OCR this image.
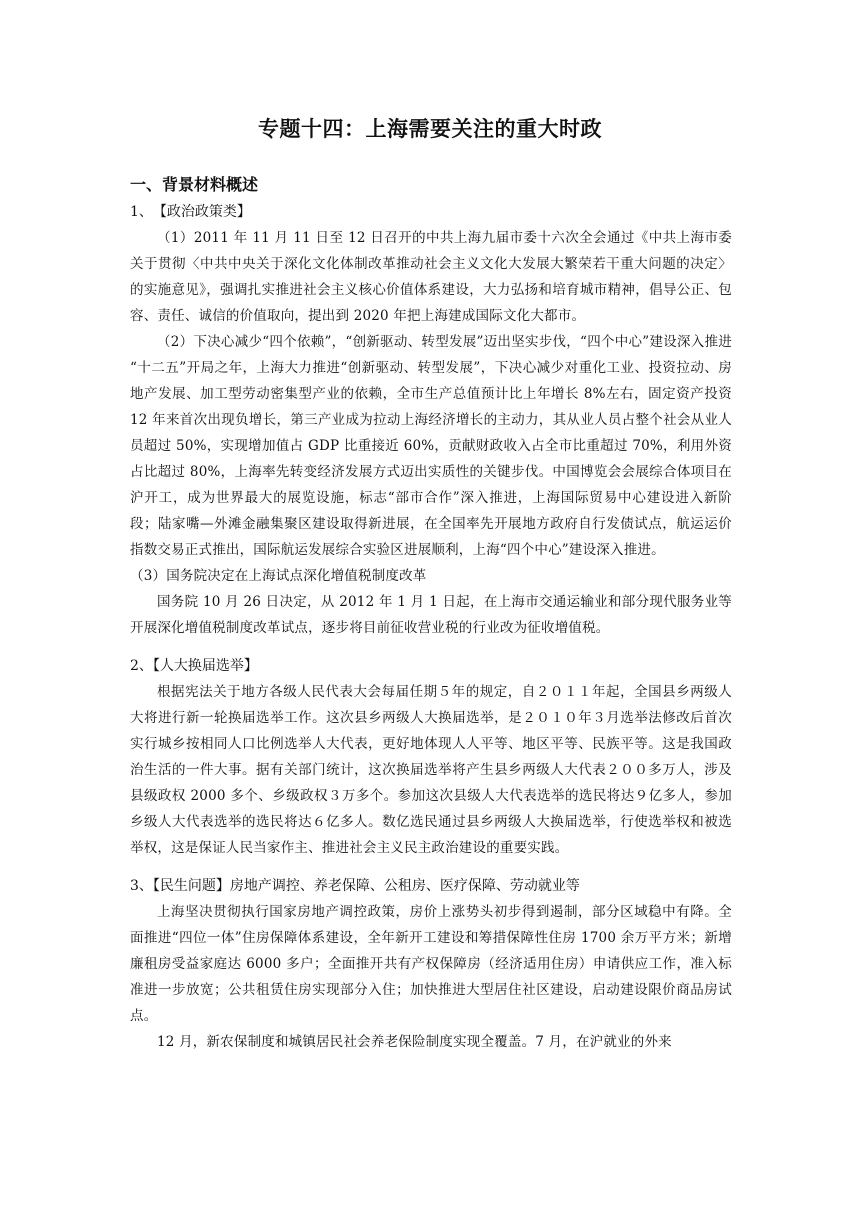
专题十四：上海需要关注的重大时政
一、背景材料概述
1、　【政治政策类】

（1）2011 年 11 月 11 日至 12 日召开的中共上海九届市委十六次全会通过《中共上海市委关于贯彻〈中共中央关于深化文化体制改革推动社会主义文化大发展大繁荣若干重大问题的决定〉的实施意见》，强调扎实推进社会主义核心价值体系建设，大力弘扬和培育城市精神，倡导公正、包容、责任、诚信的价值取向，提出到 2020 年把上海建成国际文化大都市。

（2）下决心减少“四个依赖”，“创新驱动、转型发展”迈出坚实步伐，“四个中心”建设深入推进 “十二五”开局之年，上海大力推进“创新驱动、转型发展”，下决心减少对重化工业、投资拉动、房地产发展、加工型劳动密集型产业的依赖，全市生产总值预计比上年增长 8%左右，固定资产投资 12 年来首次出现负增长，第三产业成为拉动上海经济增长的主动力，其从业人员占整个社会从业人员超过 50%，实现增加值占 GDP 比重接近 60%，贡献财政收入占全市比重超过 70%，利用外资占比超过 80%，上海率先转变经济发展方式迈出实质性的关键步伐。中国博览会会展综合体项目在沪开工，成为世界最大的展览设施，标志“部市合作”深入推进，上海国际贸易中心建设进入新阶段；陆家嘴—外滩金融集聚区建设取得新进展，在全国率先开展地方政府自行发债试点，航运运价指数交易正式推出，国际航运发展综合实验区进展顺利，上海“四个中心”建设深入推进。

（3）国务院决定在上海试点深化增值税制度改革

国务院 10 月 26 日决定，从 2012 年 1 月 1 日起，在上海市交通运输业和部分现代服务业等开展深化增值税制度改革试点，逐步将目前征收营业税的行业改为征收增值税。

2、【人大换届选举】

根据宪法关于地方各级人民代表大会每届任期５年的规定，自２０１１年起，全国县乡两级人大将进行新一轮换届选举工作。这次县乡两级人大换届选举，是２０１０年３月选举法修改后首次实行城乡按相同人口比例选举人大代表，更好地体现人人平等、地区平等、民族平等。这是我国政治生活的一件大事。据有关部门统计，这次换届选举将产生县乡两级人大代表２００多万人，涉及县级政权 2000 多个、乡级政权３万多个。参加这次县级人大代表选举的选民将达９亿多人，参加乡级人大代表选举的选民将达６亿多人。数亿选民通过县乡两级人大换届选举，行使选举权和被选举权，这是保证人民当家作主、推进社会主义民主政治建设的重要实践。

3、【民生问题】房地产调控、养老保障、公租房、医疗保障、劳动就业等

上海坚决贯彻执行国家房地产调控政策，房价上涨势头初步得到遏制，部分区域稳中有降。全面推进“四位一体”住房保障体系建设，全年新开工建设和筹措保障性住房 1700 余万平方米；新增廉租房受益家庭达 6000 多户；全面推开共有产权保障房（经济适用住房）申请供应工作，准入标准进一步放宽；公共租赁住房实现部分入住；加快推进大型居住社区建设，启动建设限价商品房试点。

12 月，新农保制度和城镇居民社会养老保险制度实现全覆盖。7 月，在沪就业的外来
